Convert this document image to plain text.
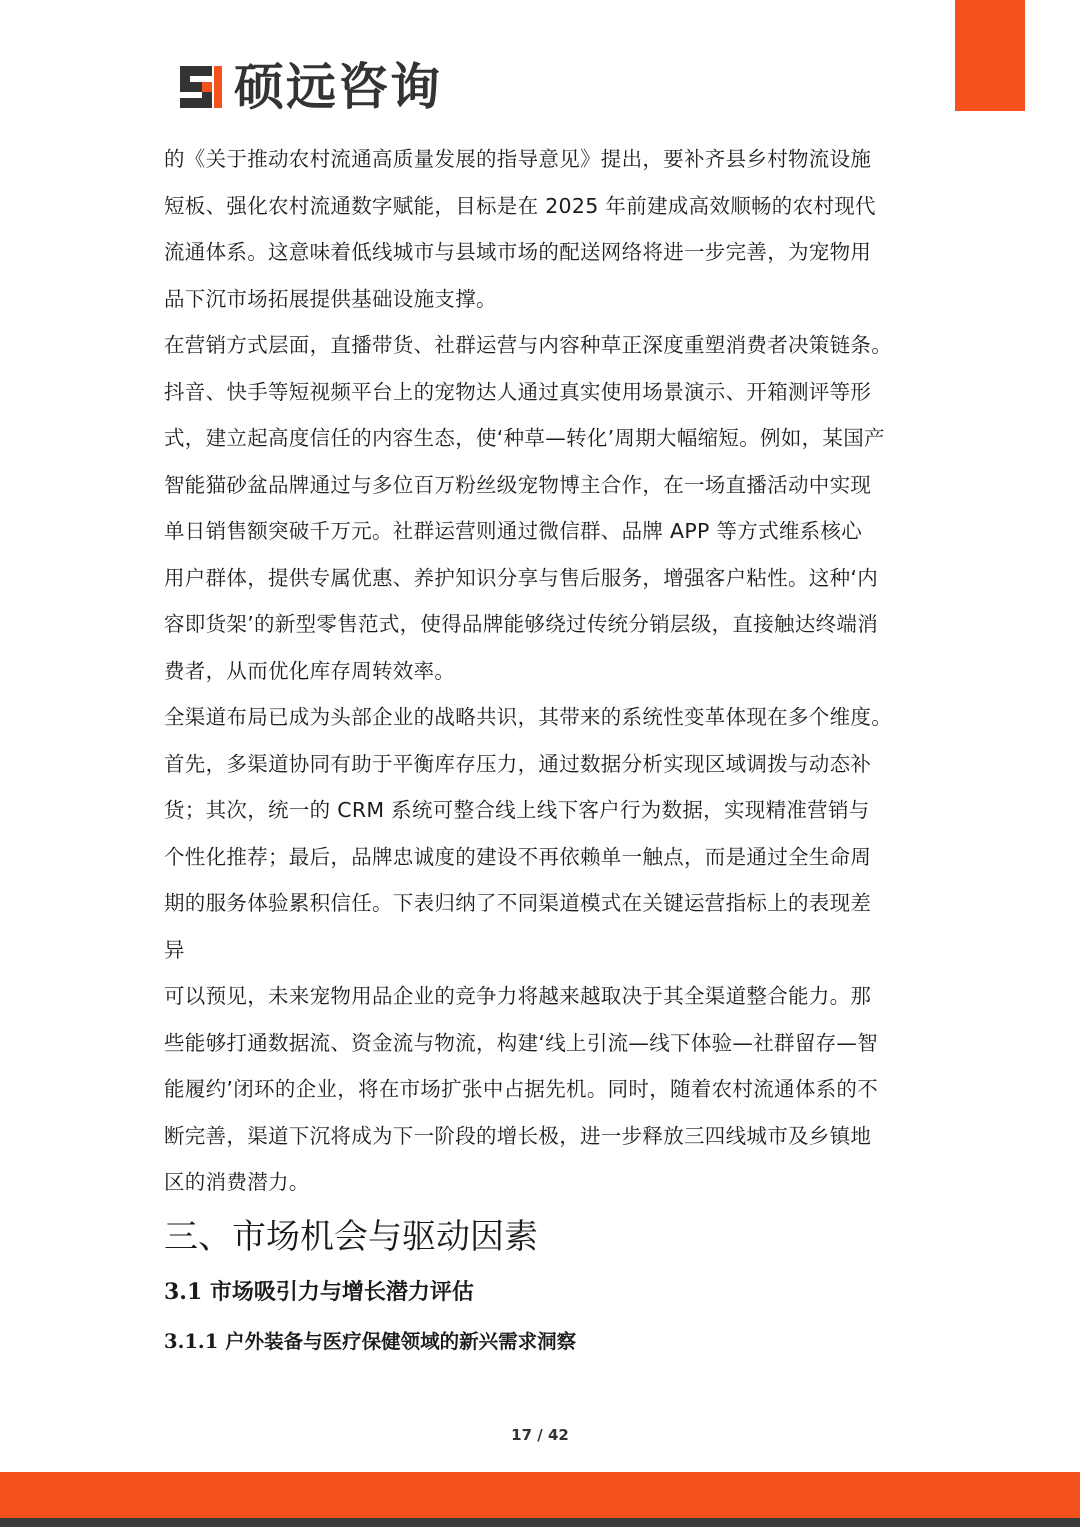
硕远咨询

的《关于推动农村流通高质量发展的指导意见》提出，要补齐县乡村物流设施

短板、强化农村流通数字赋能，目标是在 2025 年前建成高效顺畅的农村现代

流通体系。这意味着低线城市与县域市场的配送网络将进一步完善，为宠物用

品下沉市场拓展提供基础设施支撑。

在营销方式层面，直播带货、社群运营与内容种草正深度重塑消费者决策链条。

抖音、快手等短视频平台上的宠物达人通过真实使用场景演示、开箱测评等形

式，建立起高度信任的内容生态，使‘种草—转化’周期大幅缩短。例如，某国产

智能猫砂盆品牌通过与多位百万粉丝级宠物博主合作，在一场直播活动中实现

单日销售额突破千万元。社群运营则通过微信群、品牌 APP 等方式维系核心

用户群体，提供专属优惠、养护知识分享与售后服务，增强客户粘性。这种‘内

容即货架’的新型零售范式，使得品牌能够绕过传统分销层级，直接触达终端消

费者，从而优化库存周转效率。

全渠道布局已成为头部企业的战略共识，其带来的系统性变革体现在多个维度。

首先，多渠道协同有助于平衡库存压力，通过数据分析实现区域调拨与动态补

货；其次，统一的 CRM 系统可整合线上线下客户行为数据，实现精准营销与

个性化推荐；最后，品牌忠诚度的建设不再依赖单一触点，而是通过全生命周

期的服务体验累积信任。下表归纳了不同渠道模式在关键运营指标上的表现差

异

可以预见，未来宠物用品企业的竞争力将越来越取决于其全渠道整合能力。那

些能够打通数据流、资金流与物流，构建‘线上引流—线下体验—社群留存—智

能履约’闭环的企业，将在市场扩张中占据先机。同时，随着农村流通体系的不

断完善，渠道下沉将成为下一阶段的增长极，进一步释放三四线城市及乡镇地

区的消费潜力。

三、市场机会与驱动因素
3.1 市场吸引力与增长潜力评估
3.1.1 户外装备与医疗保健领域的新兴需求洞察
17 / 42
